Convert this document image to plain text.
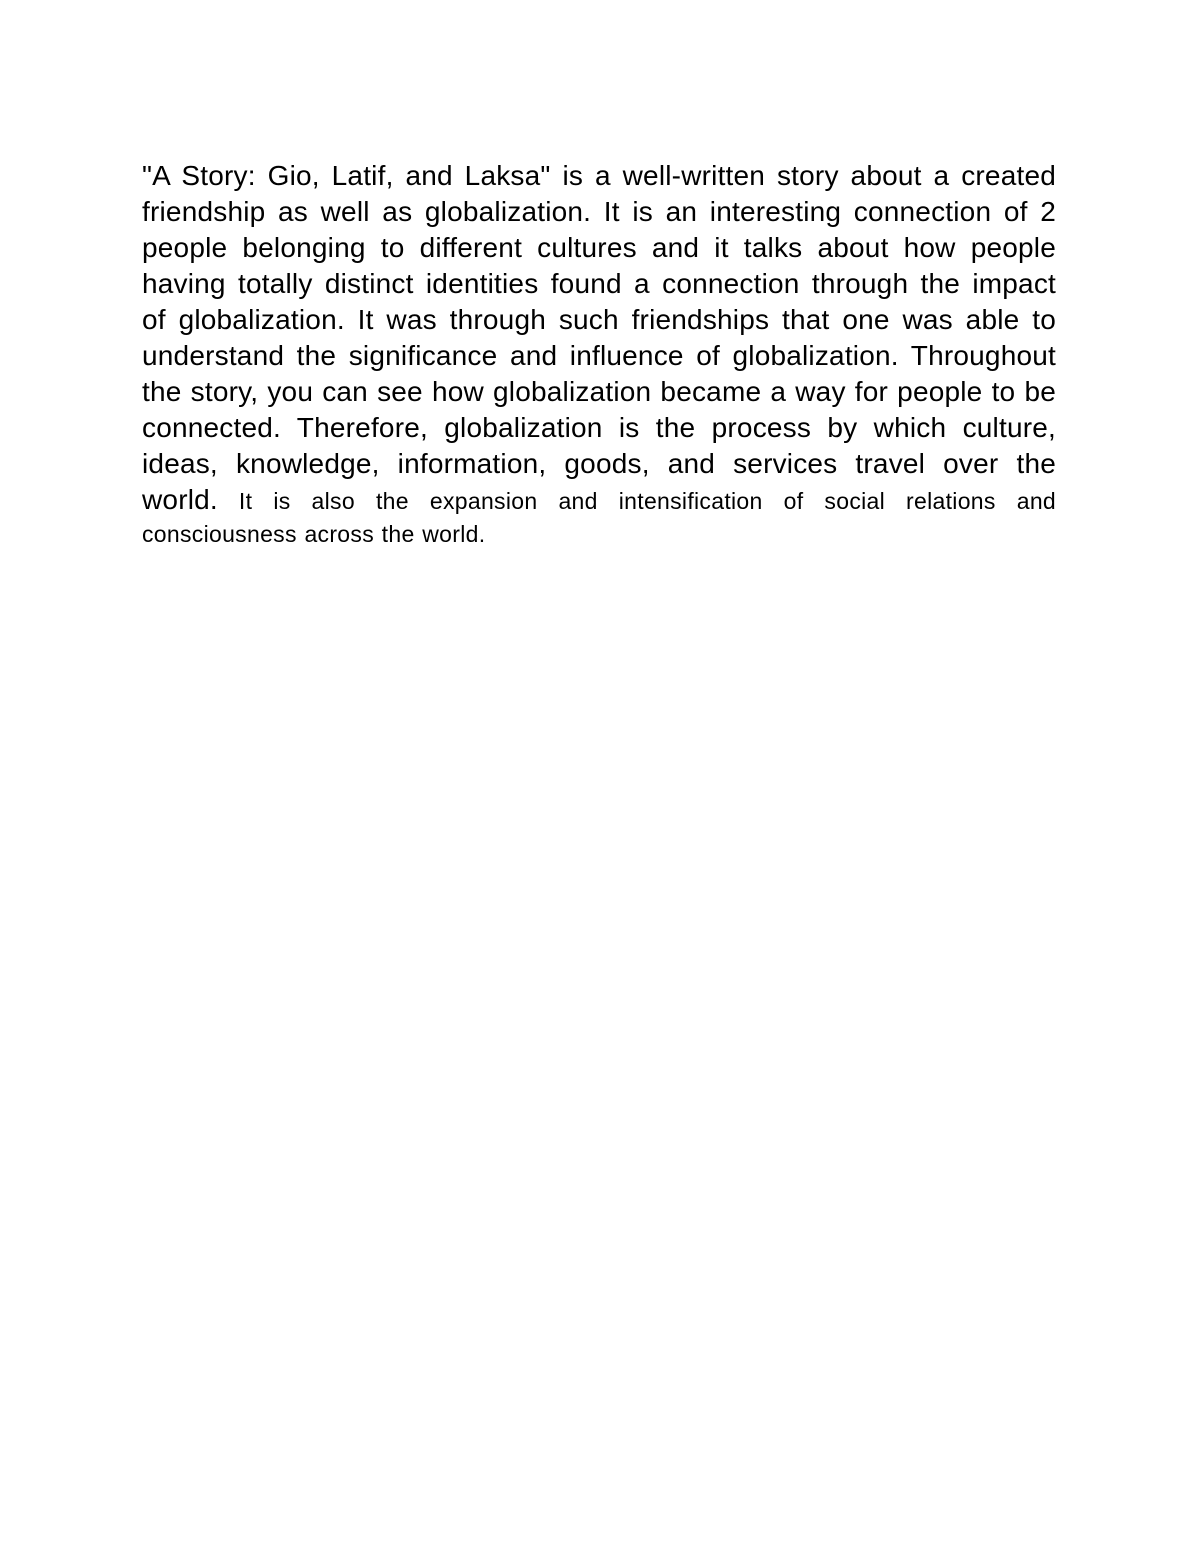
"A Story: Gio, Latif, and Laksa" is a well-written story about a created friendship as well as globalization. It is an interesting connection of 2 people belonging to different cultures and it talks about how people having totally distinct identities found a connection through the impact of globalization. It was through such friendships that one was able to understand the significance and influence of globalization. Throughout the story, you can see how globalization became a way for people to be connected. Therefore, globalization is the process by which culture, ideas, knowledge, information, goods, and services travel over the world. It is also the expansion and intensification of social relations and consciousness across the world.
